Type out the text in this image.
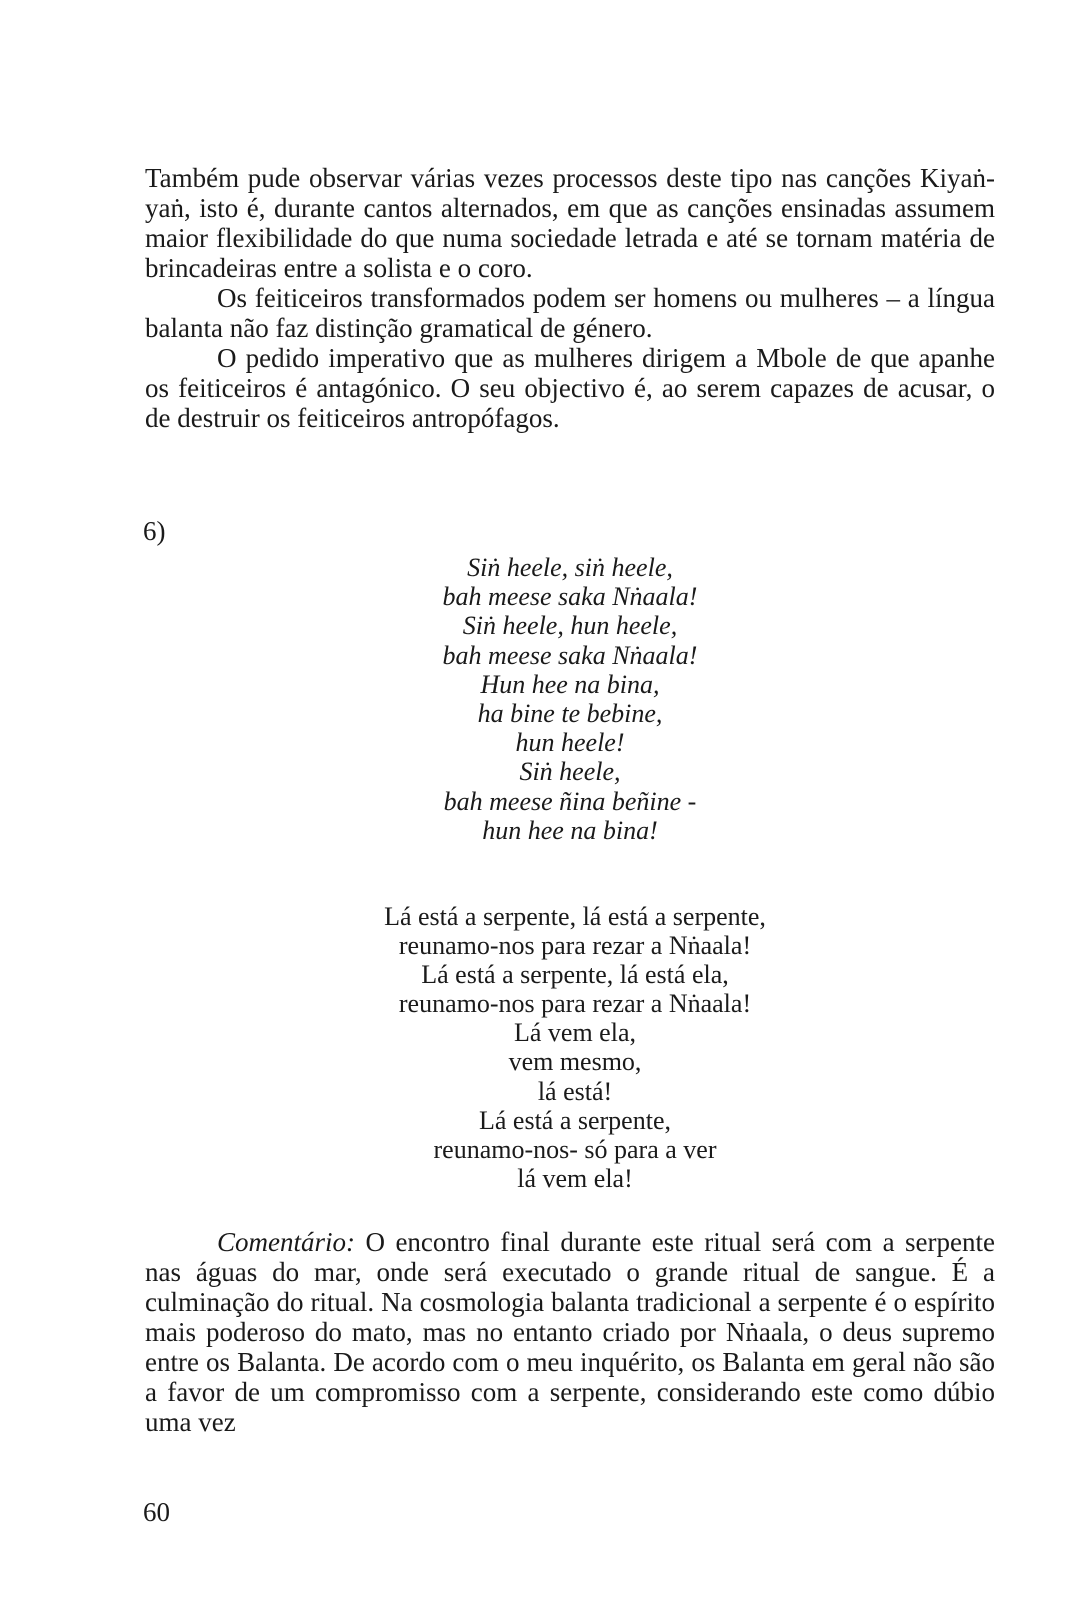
Também pude observar várias vezes processos deste tipo nas canções Kiyaṅ-yaṅ, isto é, durante cantos alternados, em que as canções ensinadas assumem maior flexibilidade do que numa sociedade letrada e até se tornam matéria de brincadeiras entre a solista e o coro.

Os feiticeiros transformados podem ser homens ou mulheres – a língua balanta não faz distinção gramatical de género.

O pedido imperativo que as mulheres dirigem a Mbole de que apanhe os feiticeiros é antagónico. O seu objectivo é, ao serem capazes de acusar, o de destruir os feiticeiros antropófagos.

6)
Siṅ heele, siṅ heele,
bah meese saka Nṅaala!
Siṅ heele, hun heele,
bah meese saka Nṅaala!
Hun hee na bina,
ha bine te bebine,
hun heele!
Siṅ heele,
bah meese ñina beñine -
hun hee na bina!
Lá está a serpente, lá está a serpente,
reunamo-nos para rezar a Nṅaala!
Lá está a serpente, lá está ela,
reunamo-nos para rezar a Nṅaala!
Lá vem ela,
vem mesmo,
lá está!
Lá está a serpente,
reunamo-nos- só para a ver
lá vem ela!

Comentário: O encontro final durante este ritual será com a serpente nas águas do mar, onde será executado o grande ritual de sangue. É a culminação do ritual. Na cosmologia balanta tradicional a serpente é o espírito mais poderoso do mato, mas no entanto criado por Nṅaala, o deus supremo entre os Balanta. De acordo com o meu inquérito, os Balanta em geral não são a favor de um compromisso com a serpente, considerando este como dúbio uma vez

60
